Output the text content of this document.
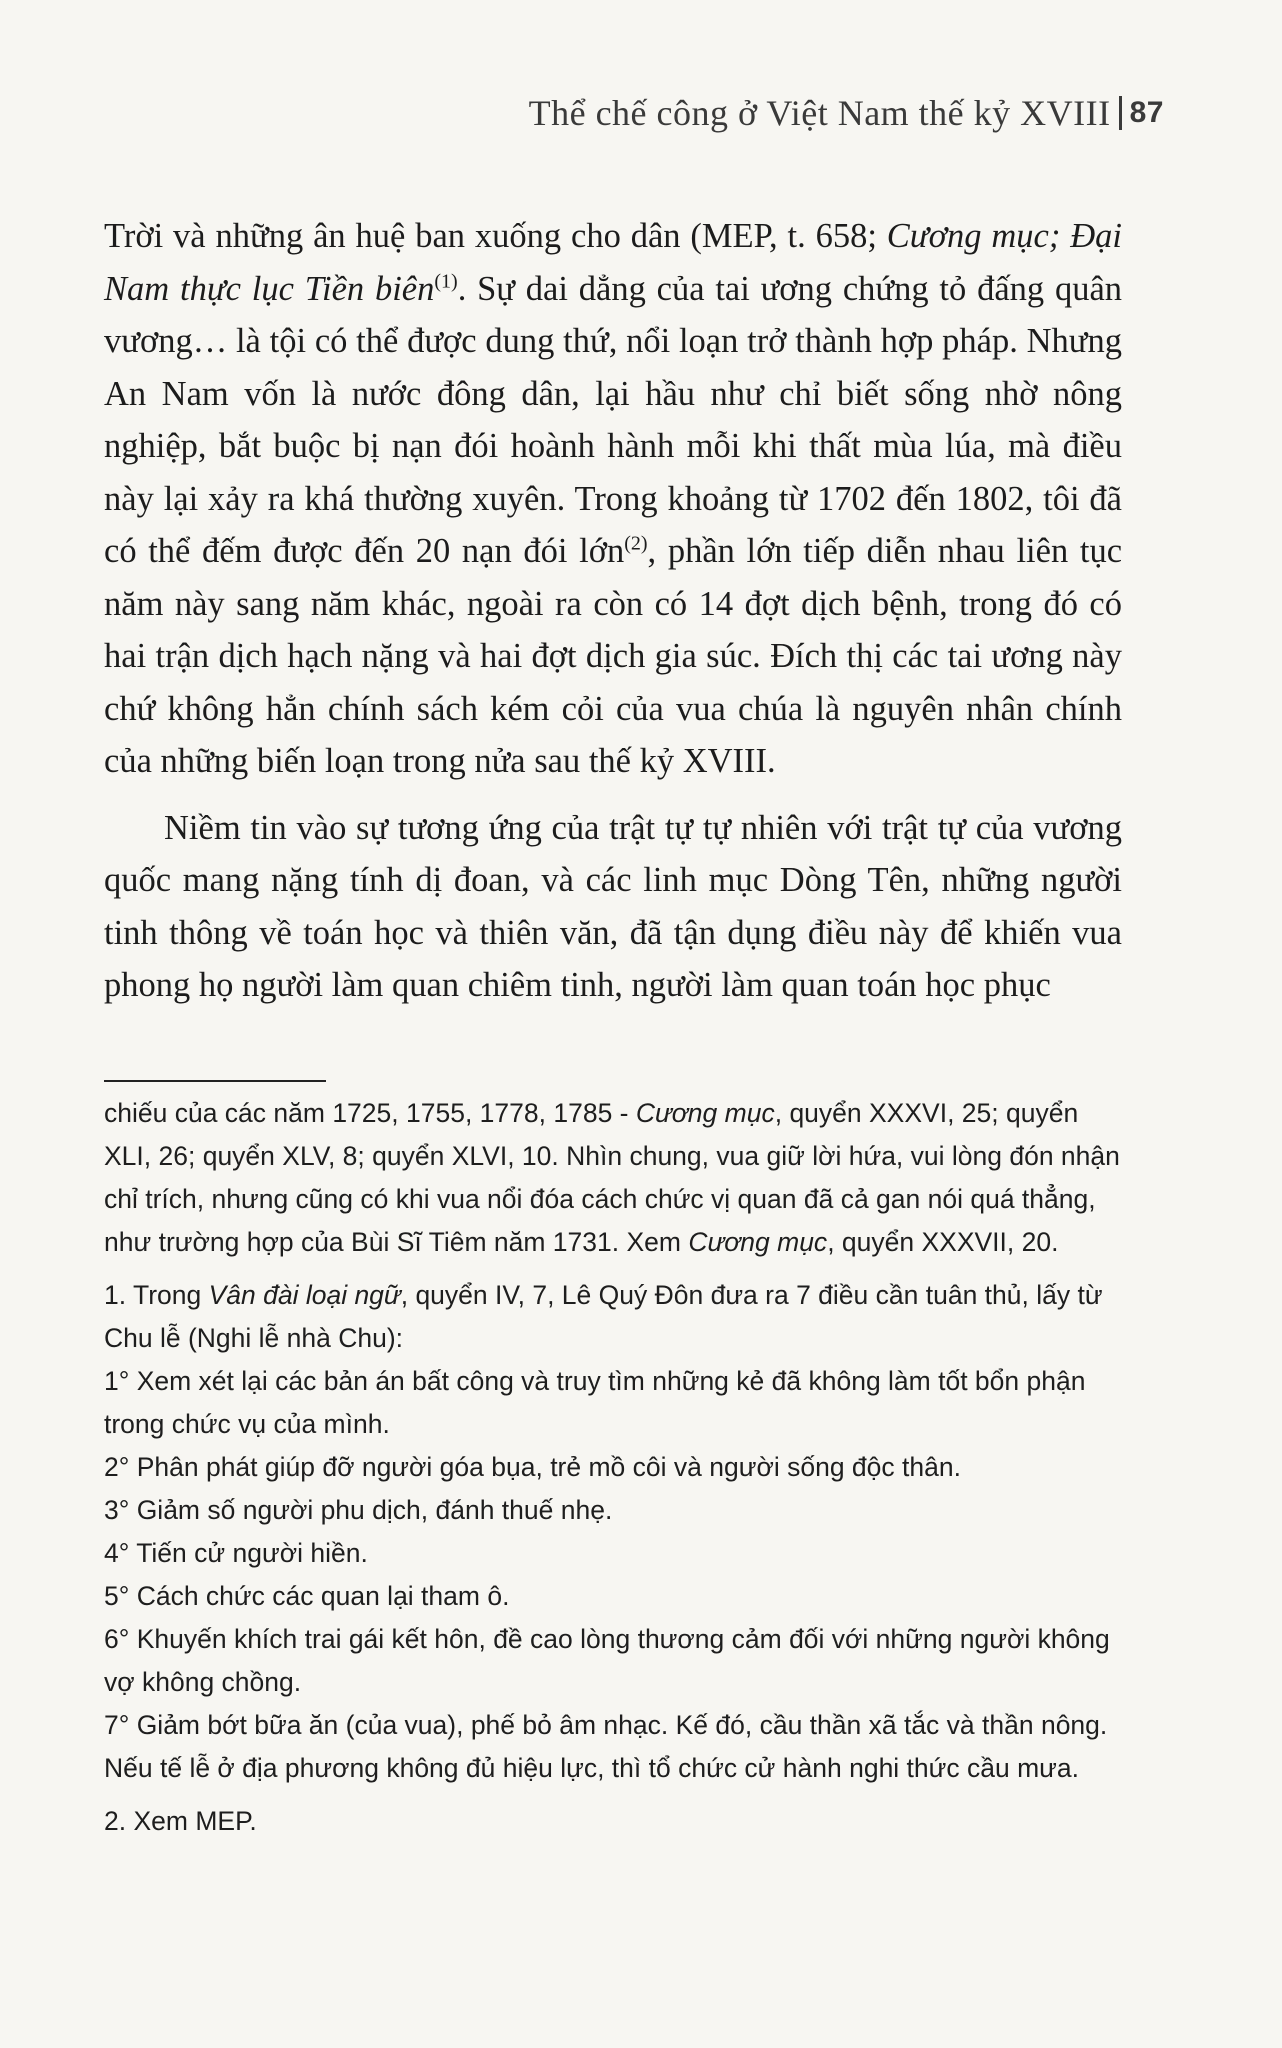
Thể chế công ở Việt Nam thế kỷ XVIII 87

Trời và những ân huệ ban xuống cho dân (MEP, t. 658; Cương mục; Đại Nam thực lục Tiền biên$^{(1)}$. Sự dai dẳng của tai ương chứng tỏ đấng quân vương… là tội có thể được dung thứ, nổi loạn trở thành hợp pháp. Nhưng An Nam vốn là nước đông dân, lại hầu như chỉ biết sống nhờ nông nghiệp, bắt buộc bị nạn đói hoành hành mỗi khi thất mùa lúa, mà điều này lại xảy ra khá thường xuyên. Trong khoảng từ 1702 đến 1802, tôi đã có thể đếm được đến 20 nạn đói lớn$^{(2)}$, phần lớn tiếp diễn nhau liên tục năm này sang năm khác, ngoài ra còn có 14 đợt dịch bệnh, trong đó có hai trận dịch hạch nặng và hai đợt dịch gia súc. Đích thị các tai ương này chứ không hẳn chính sách kém cỏi của vua chúa là nguyên nhân chính của những biến loạn trong nửa sau thế kỷ XVIII.

Niềm tin vào sự tương ứng của trật tự tự nhiên với trật tự của vương quốc mang nặng tính dị đoan, và các linh mục Dòng Tên, những người tinh thông về toán học và thiên văn, đã tận dụng điều này để khiến vua phong họ người làm quan chiêm tinh, người làm quan toán học phục

chiếu của các năm 1725, 1755, 1778, 1785 - Cương mục, quyển XXXVI, 25; quyển XLI, 26; quyển XLV, 8; quyển XLVI, 10. Nhìn chung, vua giữ lời hứa, vui lòng đón nhận chỉ trích, nhưng cũng có khi vua nổi đóa cách chức vị quan đã cả gan nói quá thẳng, như trường hợp của Bùi Sĩ Tiêm năm 1731. Xem Cương mục, quyển XXXVII, 20.

1. Trong Vân đài loại ngữ, quyển IV, 7, Lê Quý Đôn đưa ra 7 điều cần tuân thủ, lấy từ Chu lễ (Nghi lễ nhà Chu):

1° Xem xét lại các bản án bất công và truy tìm những kẻ đã không làm tốt bổn phận trong chức vụ của mình.

2° Phân phát giúp đỡ người góa bụa, trẻ mồ côi và người sống độc thân.

3° Giảm số người phu dịch, đánh thuế nhẹ.

4° Tiến cử người hiền.

5° Cách chức các quan lại tham ô.

6° Khuyến khích trai gái kết hôn, đề cao lòng thương cảm đối với những người không vợ không chồng.

7° Giảm bớt bữa ăn (của vua), phế bỏ âm nhạc. Kế đó, cầu thần xã tắc và thần nông. Nếu tế lễ ở địa phương không đủ hiệu lực, thì tổ chức cử hành nghi thức cầu mưa.

2. Xem MEP.
